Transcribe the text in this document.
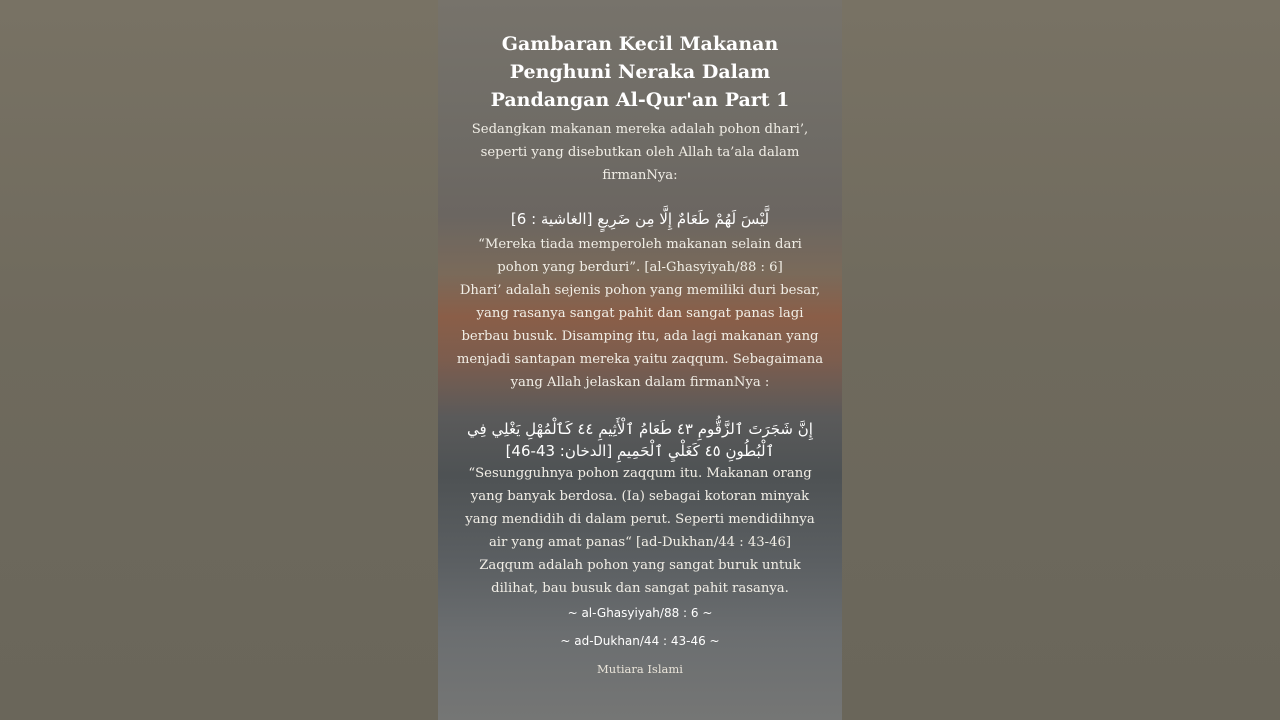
Gambaran Kecil Makanan Penghuni Neraka Dalam Pandangan Al-Qur'an Part 1
Sedangkan makanan mereka adalah pohon dhari’, seperti yang disebutkan oleh Allah ta’ala dalam firmanNya:
لَّيْسَ لَهُمْ طَعَامٌ إِلَّا مِن ضَرِيعٍ [الغاشية : 6]
“Mereka tiada memperoleh makanan selain dari pohon yang berduri”. [al-Ghasyiyah/88 : 6]
Dhari’ adalah sejenis pohon yang memiliki duri besar, yang rasanya sangat pahit dan sangat panas lagi berbau busuk. Disamping itu, ada lagi makanan yang menjadi santapan mereka yaitu zaqqum. Sebagaimana yang Allah jelaskan dalam firmanNya :
إِنَّ شَجَرَتَ ٱلزَّقُّومِ ٤٣ طَعَامُ ٱلْأَثِيمِ ٤٤ كَٱلْمُهْلِ يَغْلِي فِي ٱلْبُطُونِ ٤٥ كَغَلْيِ ٱلْحَمِيمِ [الدخان: 43-46]
“Sesungguhnya pohon zaqqum itu. Makanan orang yang banyak berdosa. (Ia) sebagai kotoran minyak yang mendidih di dalam perut. Seperti mendidihnya air yang amat panas“ [ad-Dukhan/44 : 43-46]
Zaqqum adalah pohon yang sangat buruk untuk dilihat, bau busuk dan sangat pahit rasanya.
~ al-Ghasyiyah/88 : 6 ~
~ ad-Dukhan/44 : 43-46 ~
Mutiara Islami
